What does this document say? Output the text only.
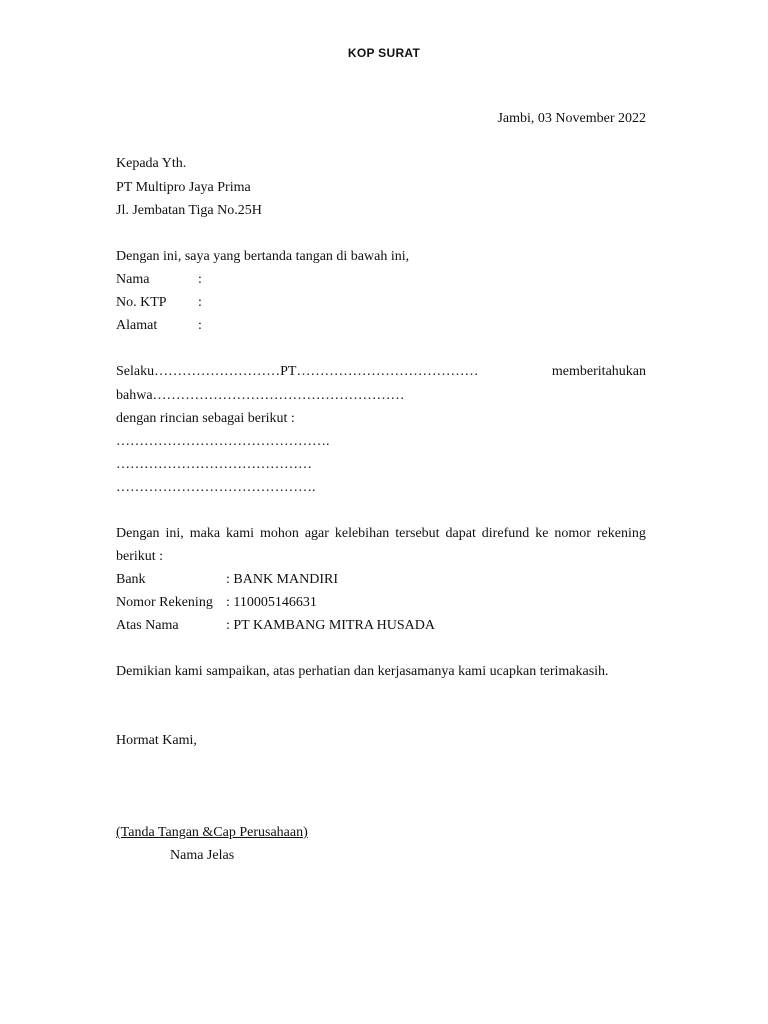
KOP SURAT
Jambi, 03 November 2022
Kepada Yth.
PT Multipro Jaya Prima
Jl. Jembatan Tiga No.25H
Dengan ini, saya yang bertanda tangan di bawah ini,
Nama	:
No. KTP :
Alamat	:
Selaku………………………PT…………………………………	memberitahukan
bahwa………………………………………………
dengan rincian sebagai berikut :
……………………………………….
……………………………………
…………………………………….
Dengan ini, maka kami mohon agar kelebihan tersebut dapat direfund ke nomor rekening
berikut :
Bank	: BANK MANDIRI
Nomor Rekening : 110005146631
Atas Nama	: PT KAMBANG MITRA HUSADA
Demikian kami sampaikan, atas perhatian dan kerjasamanya kami ucapkan terimakasih.
Hormat Kami,
(Tanda Tangan &Cap Perusahaan)
Nama Jelas
